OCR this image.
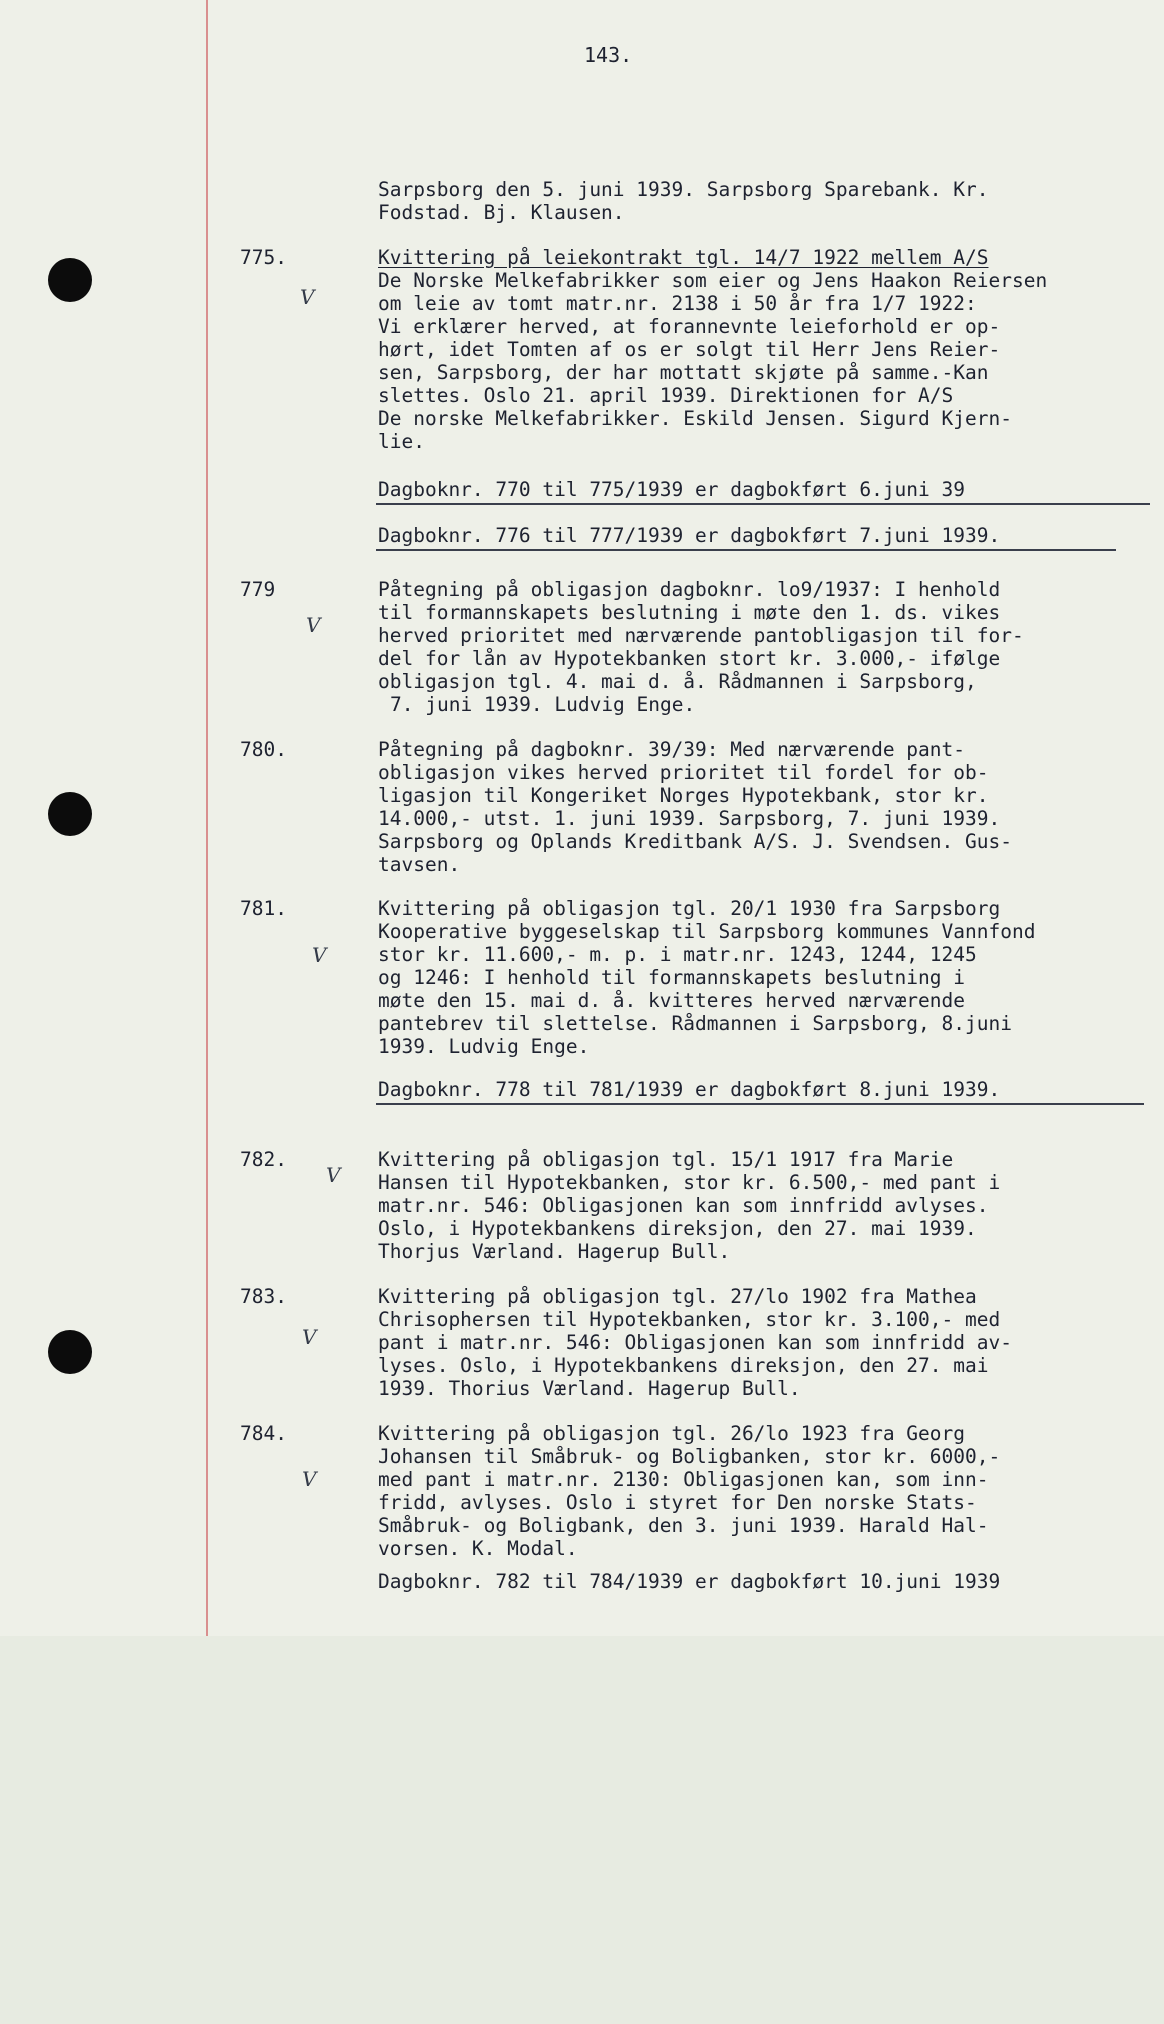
143.

Sarpsborg den 5. juni 1939. Sarpsborg Sparebank. Kr.

Fodstad. Bj. Klausen.

775.

V

Kvittering på leiekontrakt tgl. 14/7 1922 mellem A/S

De Norske Melkefabrikker som eier og Jens Haakon Reiersen

om leie av tomt matr.nr. 2138 i 50 år fra 1/7 1922:

Vi erklærer herved, at forannevnte leieforhold er op-

hørt, idet Tomten af os er solgt til Herr Jens Reier-

sen, Sarpsborg, der har mottatt skjøte på samme.-Kan

slettes. Oslo 21. april 1939. Direktionen for A/S

De norske Melkefabrikker. Eskild Jensen. Sigurd Kjern-

lie.

Dagboknr. 770 til 775/1939 er dagbokført 6.juni 39

Dagboknr. 776 til 777/1939 er dagbokført 7.juni 1939.

779

V

Påtegning på obligasjon dagboknr. lo9/1937: I henhold

til formannskapets beslutning i møte den 1. ds. vikes

herved prioritet med nærværende pantobligasjon til for-

del for lån av Hypotekbanken stort kr. 3.000,- ifølge

obligasjon tgl. 4. mai d. å. Rådmannen i Sarpsborg,

7. juni 1939. Ludvig Enge.

780.

	Påtegning på dagboknr. 39/39: Med nærværende pant-

obligasjon vikes herved prioritet til fordel for ob-

ligasjon til Kongeriket Norges Hypotekbank, stor kr.

14.000,- utst. 1. juni 1939. Sarpsborg, 7. juni 1939.

Sarpsborg og Oplands Kreditbank A/S. J. Svendsen. Gus-

tavsen.

781.

V

Kvittering på obligasjon tgl. 20/1 1930 fra Sarpsborg

Kooperative byggeselskap til Sarpsborg kommunes Vannfond

stor kr. 11.600,- m. p. i matr.nr. 1243, 1244, 1245

og 1246: I henhold til formannskapets beslutning i

møte den 15. mai d. å. kvitteres herved nærværende

pantebrev til slettelse. Rådmannen i Sarpsborg, 8.juni

1939. Ludvig Enge.

Dagboknr. 778 til 781/1939 er dagbokført 8.juni 1939.

782.

V

Kvittering på obligasjon tgl. 15/1 1917 fra Marie

Hansen til Hypotekbanken, stor kr. 6.500,- med pant i

matr.nr. 546: Obligasjonen kan som innfridd avlyses.

Oslo, i Hypotekbankens direksjon, den 27. mai 1939.

Thorjus Værland. Hagerup Bull.

783.

V

Kvittering på obligasjon tgl. 27/lo 1902 fra Mathea

Chrisophersen til Hypotekbanken, stor kr. 3.100,- med

pant i matr.nr. 546: Obligasjonen kan som innfridd av-

lyses. Oslo, i Hypotekbankens direksjon, den 27. mai

1939. Thorius Værland. Hagerup Bull.

784.

V

Kvittering på obligasjon tgl. 26/lo 1923 fra Georg

Johansen til Småbruk- og Boligbanken, stor kr. 6000,-

med pant i matr.nr. 2130: Obligasjonen kan, som inn-

fridd, avlyses. Oslo i styret for Den norske Stats-

Småbruk- og Boligbank, den 3. juni 1939. Harald Hal-

vorsen. K. Modal.

Dagboknr. 782 til 784/1939 er dagbokført 10.juni 1939
